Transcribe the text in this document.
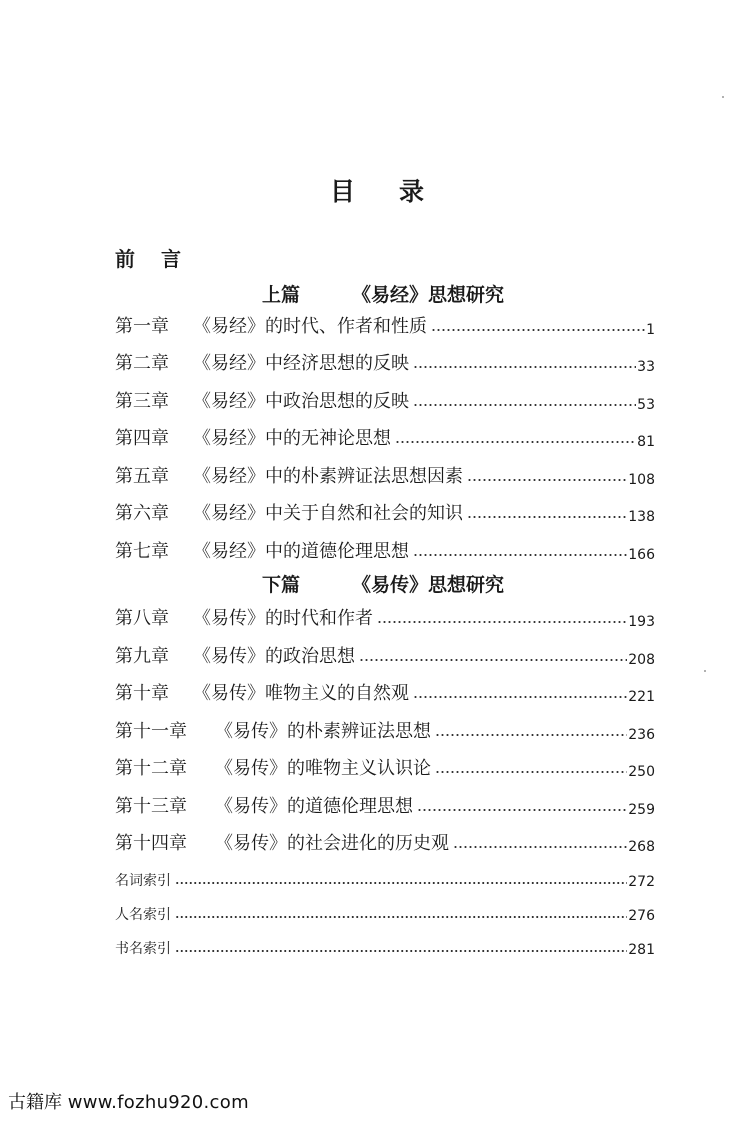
目录
前言
上篇	《易经》思想研究
第一章	《易经》的时代、作者和性质	1
第二章	《易经》中经济思想的反映	33
第三章	《易经》中政治思想的反映	53
第四章	《易经》中的无神论思想	81
第五章	《易经》中的朴素辨证法思想因素	108
第六章	《易经》中关于自然和社会的知识	138
第七章	《易经》中的道德伦理思想	166
下篇	《易传》思想研究
第八章	《易传》的时代和作者	193
第九章	《易传》的政治思想	208
第十章	《易传》唯物主义的自然观	221
第十一章	《易传》的朴素辨证法思想	236
第十二章	《易传》的唯物主义认识论	250
第十三章	《易传》的道德伦理思想	259
第十四章	《易传》的社会进化的历史观	268
名词索引	272
人名索引	276
书名索引	281
古籍库 www.fozhu920.com
